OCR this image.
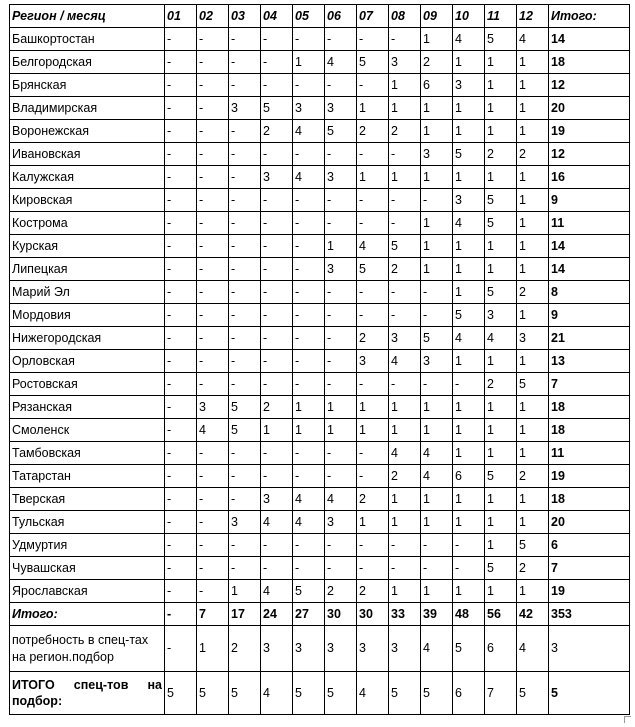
Регион / месяц	01	02	03	04	05	06	07	08	09	10	11	12	Итого:
Башкортостан	-	-	-	-	-	-	-	-	1	4	5	4	14
Белгородская	-	-	-	-	1	4	5	3	2	1	1	1	18
Брянская	-	-	-	-	-	-	-	1	6	3	1	1	12
Владимирская	-	-	3	5	3	3	1	1	1	1	1	1	20
Воронежская	-	-	-	2	4	5	2	2	1	1	1	1	19
Ивановская	-	-	-	-	-	-	-	-	3	5	2	2	12
Калужская	-	-	-	3	4	3	1	1	1	1	1	1	16
Кировская	-	-	-	-	-	-	-	-	-	3	5	1	9
Кострома	-	-	-	-	-	-	-	-	1	4	5	1	11
Курская	-	-	-	-	-	1	4	5	1	1	1	1	14
Липецкая	-	-	-	-	-	3	5	2	1	1	1	1	14
Марий Эл	-	-	-	-	-	-	-	-	-	1	5	2	8
Мордовия	-	-	-	-	-	-	-	-	-	5	3	1	9
Нижегородская	-	-	-	-	-	-	2	3	5	4	4	3	21
Орловская	-	-	-	-	-	-	3	4	3	1	1	1	13
Ростовская	-	-	-	-	-	-	-	-	-	-	2	5	7
Рязанская	-	3	5	2	1	1	1	1	1	1	1	1	18
Смоленск	-	4	5	1	1	1	1	1	1	1	1	1	18
Тамбовская	-	-	-	-	-	-	-	4	4	1	1	1	11
Татарстан	-	-	-	-	-	-	-	2	4	6	5	2	19
Тверская	-	-	-	3	4	4	2	1	1	1	1	1	18
Тульская	-	-	3	4	4	3	1	1	1	1	1	1	20
Удмуртия	-	-	-	-	-	-	-	-	-	-	1	5	6
Чувашская	-	-	-	-	-	-	-	-	-	-	5	2	7
Ярославская	-	-	1	4	5	2	2	1	1	1	1	1	19
Итого:	-	7	17	24	27	30	30	33	39	48	56	42	353
потребность в спец-тах на регион.подбор	-	1	2	3	3	3	3	3	4	5	6	4	3
ИТОГО спец-тов на подбор:	5	5	5	4	5	5	4	5	5	6	7	5	5
